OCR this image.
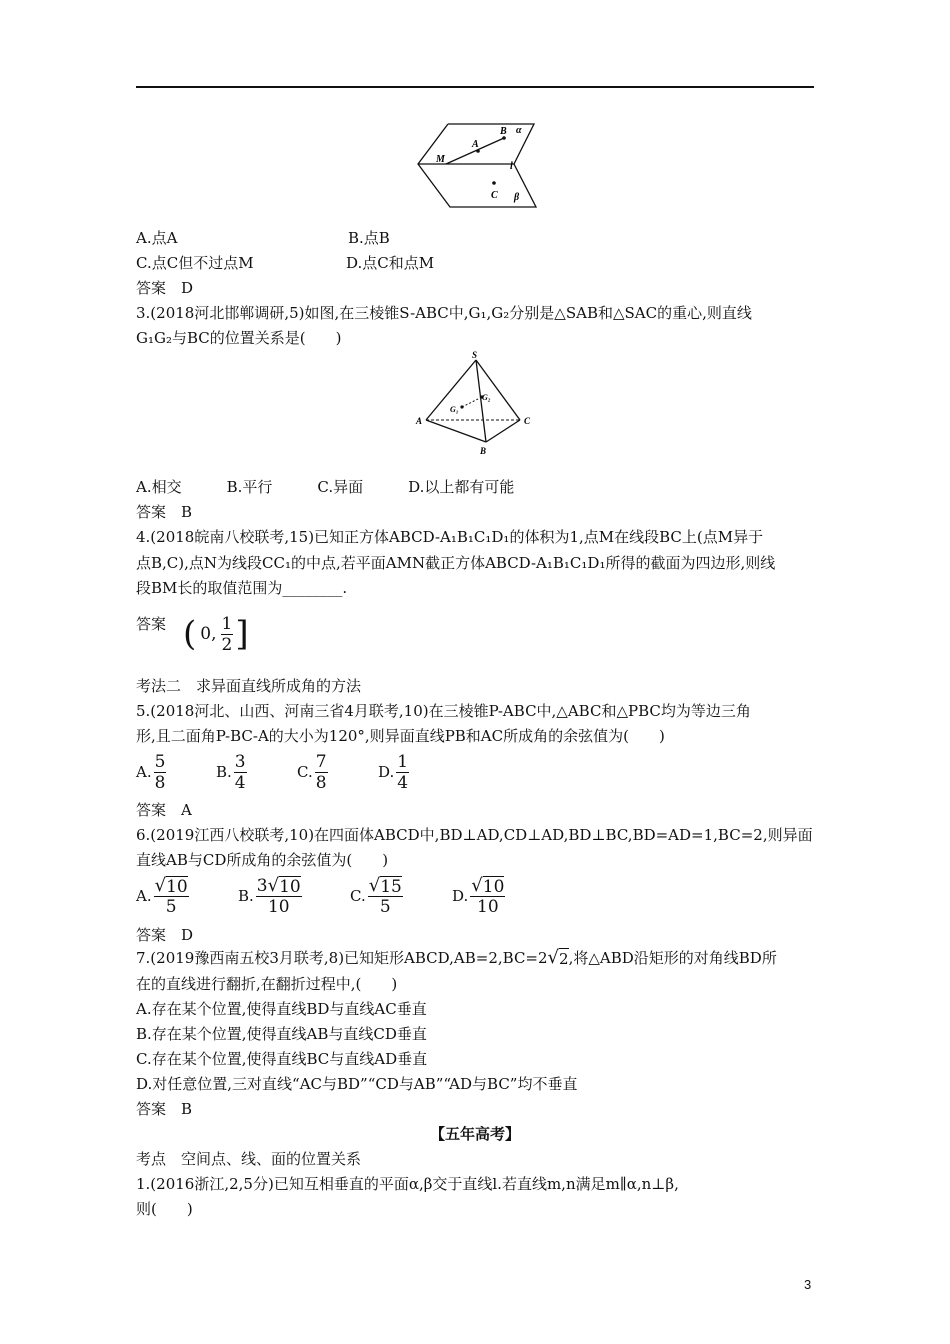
M
A
B α
l
C β
A.点A	B.点B
C.点C但不过点M	D.点C和点M
答案　D
3.(2018河北邯郸调研,5)如图,在三棱锥S-ABC中,G₁,G₂分别是△SAB和△SAC的重心,则直线
G₁G₂与BC的位置关系是(　　)
S
A	C
B
G₁
G₂
A.相交　　　B.平行　　　C.异面　　　D.以上都有可能
答案　B
4.(2018皖南八校联考,15)已知正方体ABCD-A₁B₁C₁D₁的体积为1,点M在线段BC上(点M异于
点B,C),点N为线段CC₁的中点,若平面AMN截正方体ABCD-A₁B₁C₁D₁所得的截面为四边形,则线
段BM长的取值范围为________.
答案 ( 0, $\frac{1}{2}$ ]
考法二　求异面直线所成角的方法
5.(2018河北、山西、河南三省4月联考,10)在三棱锥P-ABC中,△ABC和△PBC均为等边三角
形,且二面角P-BC-A的大小为120°,则异面直线PB和AC所成角的余弦值为(　　)
A. $\frac{5}{8}$	B. $\frac{3}{4}$	C. $\frac{7}{8}$	D. $\frac{1}{4}$
答案　A
6.(2019江西八校联考,10)在四面体ABCD中,BD⊥AD,CD⊥AD,BD⊥BC,BD=AD=1,BC=2,则异面
直线AB与CD所成角的余弦值为(　　)
A. $\frac{√ 10}{5}$	B. $\frac{3 √ 10}{10}$	C. $\frac{√ 15}{5}$	D. $\frac{√ 10}{10}$
答案　D
7.(2019豫西南五校3月联考,8)已知矩形ABCD,AB=2,BC=2 √ 2 ,将△ABD沿矩形的对角线BD所
在的直线进行翻折,在翻折过程中,(　　)
A.存在某个位置,使得直线BD与直线AC垂直
B.存在某个位置,使得直线AB与直线CD垂直
C.存在某个位置,使得直线BC与直线AD垂直
D.对任意位置,三对直线“AC与BD”“CD与AB”“AD与BC”均不垂直
答案　B
【五年高考】
考点　空间点、线、面的位置关系
1.(2016浙江,2,5分)已知互相垂直的平面α,β交于直线l.若直线m,n满足m∥α,n⊥β,
则(　　)
3
